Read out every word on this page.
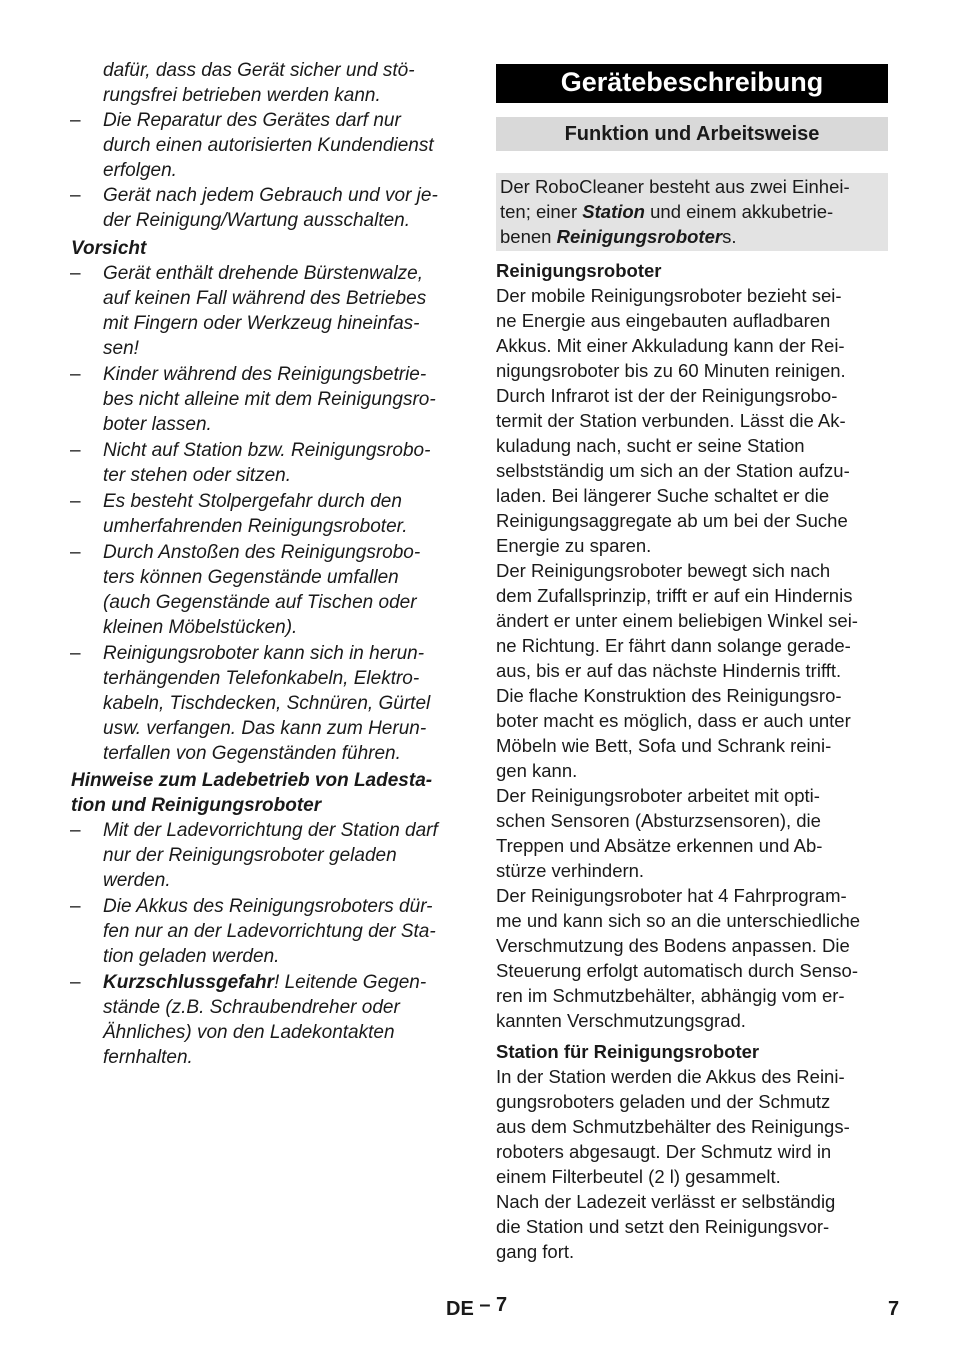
dafür, dass das Gerät sicher und stö-
rungsfrei betrieben werden kann.
– Die Reparatur des Gerätes darf nur
durch einen autorisierten Kundendienst
erfolgen.
– Gerät nach jedem Gebrauch und vor je-
der Reinigung/Wartung ausschalten.
Vorsicht
– Gerät enthält drehende Bürstenwalze,
auf keinen Fall während des Betriebes
mit Fingern oder Werkzeug hineinfas-
sen!
– Kinder während des Reinigungsbetrie-
bes nicht alleine mit dem Reinigungsro-
boter lassen.
– Nicht auf Station bzw. Reinigungsrobo-
ter stehen oder sitzen.
– Es besteht Stolpergefahr durch den
umherfahrenden Reinigungsroboter.
– Durch Anstoßen des Reinigungsrobo-
ters können Gegenstände umfallen
(auch Gegenstände auf Tischen oder
kleinen Möbelstücken).
– Reinigungsroboter kann sich in herun-
terhängenden Telefonkabeln, Elektro-
kabeln, Tischdecken, Schnüren, Gürtel
usw. verfangen. Das kann zum Herun-
terfallen von Gegenständen führen.
Hinweise zum Ladebetrieb von Ladesta-
tion und Reinigungsroboter
– Mit der Ladevorrichtung der Station darf
nur der Reinigungsroboter geladen
werden.
– Die Akkus des Reinigungsroboters dür-
fen nur an der Ladevorrichtung der Sta-
tion geladen werden.
– Kurzschlussgefahr! Leitende Gegen-
stände (z.B. Schraubendreher oder
Ähnliches) von den Ladekontakten
fernhalten.
Gerätebeschreibung
Funktion und Arbeitsweise
Der RoboCleaner besteht aus zwei Einhei-
ten; einer Station und einem akkubetrie-
benen Reinigungsroboters.
Reinigungsroboter
Der mobile Reinigungsroboter bezieht sei-
ne Energie aus eingebauten aufladbaren
Akkus. Mit einer Akkuladung kann der Rei-
nigungsroboter bis zu 60 Minuten reinigen.
Durch Infrarot ist der der Reinigungsrobo-
termit der Station verbunden. Lässt die Ak-
kuladung nach, sucht er seine Station
selbstständig um sich an der Station aufzu-
laden. Bei längerer Suche schaltet er die
Reinigungsaggregate ab um bei der Suche
Energie zu sparen.
Der Reinigungsroboter bewegt sich nach
dem Zufallsprinzip, trifft er auf ein Hindernis
ändert er unter einem beliebigen Winkel sei-
ne Richtung. Er fährt dann solange gerade-
aus, bis er auf das nächste Hindernis trifft.
Die flache Konstruktion des Reinigungsro-
boter macht es möglich, dass er auch unter
Möbeln wie Bett, Sofa und Schrank reini-
gen kann.
Der Reinigungsroboter arbeitet mit opti-
schen Sensoren (Absturzsensoren), die
Treppen und Absätze erkennen und Ab-
stürze verhindern.
Der Reinigungsroboter hat 4 Fahrprogram-
me und kann sich so an die unterschiedliche
Verschmutzung des Bodens anpassen. Die
Steuerung erfolgt automatisch durch Senso-
ren im Schmutzbehälter, abhängig vom er-
kannten Verschmutzungsgrad.
Station für Reinigungsroboter
In der Station werden die Akkus des Reini-
gungsroboters geladen und der Schmutz
aus dem Schmutzbehälter des Reinigungs-
roboters abgesaugt. Der Schmutz wird in
einem Filterbeutel (2 l) gesammelt.
Nach der Ladezeit verlässt er selbständig
die Station und setzt den Reinigungsvor-
gang fort.
DE – 7	7
